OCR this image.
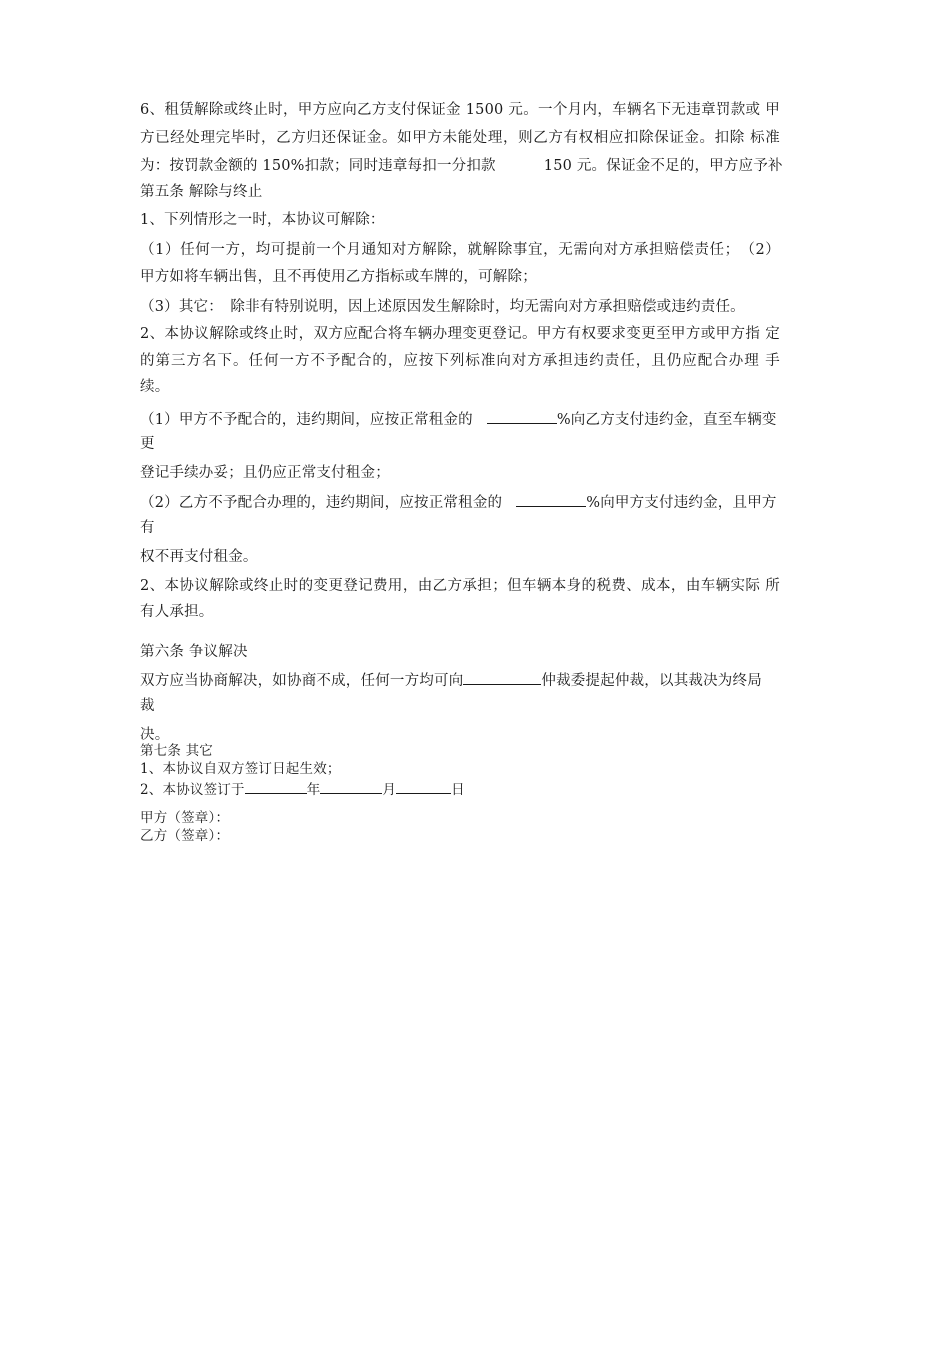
6、租赁解除或终止时，甲方应向乙方支付保证金 1500 元。一个月内，车辆名下无违章罚款或 甲
方已经处理完毕时，乙方归还保证金。如甲方未能处理，则乙方有权相应扣除保证金。扣除 标准
为：按罚款金额的 150%扣款；同时违章每扣一分扣款	150 元。保证金不足的，甲方应予补
第五条 解除与终止
1、下列情形之一时，本协议可解除：
（1）任何一方，均可提前一个月通知对方解除，就解除事宜，无需向对方承担赔偿责任；　（2）
甲方如将车辆出售，且不再使用乙方指标或车牌的，可解除；
（3）其它：　除非有特别说明，因上述原因发生解除时，均无需向对方承担赔偿或违约责任。
2、本协议解除或终止时，双方应配合将车辆办理变更登记。甲方有权要求变更至甲方或甲方指 定
的第三方名下。任何一方不予配合的，应按下列标准向对方承担违约责任，且仍应配合办理 手
续。
（1）甲方不予配合的，违约期间，应按正常租金的	%向乙方支付违约金，直至车辆变
更
登记手续办妥；且仍应正常支付租金；
（2）乙方不予配合办理的，违约期间，应按正常租金的	%向甲方支付违约金，且甲方
有
权不再支付租金。
2、本协议解除或终止时的变更登记费用，由乙方承担；但车辆本身的税费、成本，由车辆实际 所
有人承担。
第六条 争议解决
双方应当协商解决，如协商不成，任何一方均可向	仲裁委提起仲裁，以其裁决为终局
裁
决。
第七条 其它
1、本协议自双方签订日起生效；
2、本协议签订于	年	月	日
甲方（签章）：
乙方（签章）：
